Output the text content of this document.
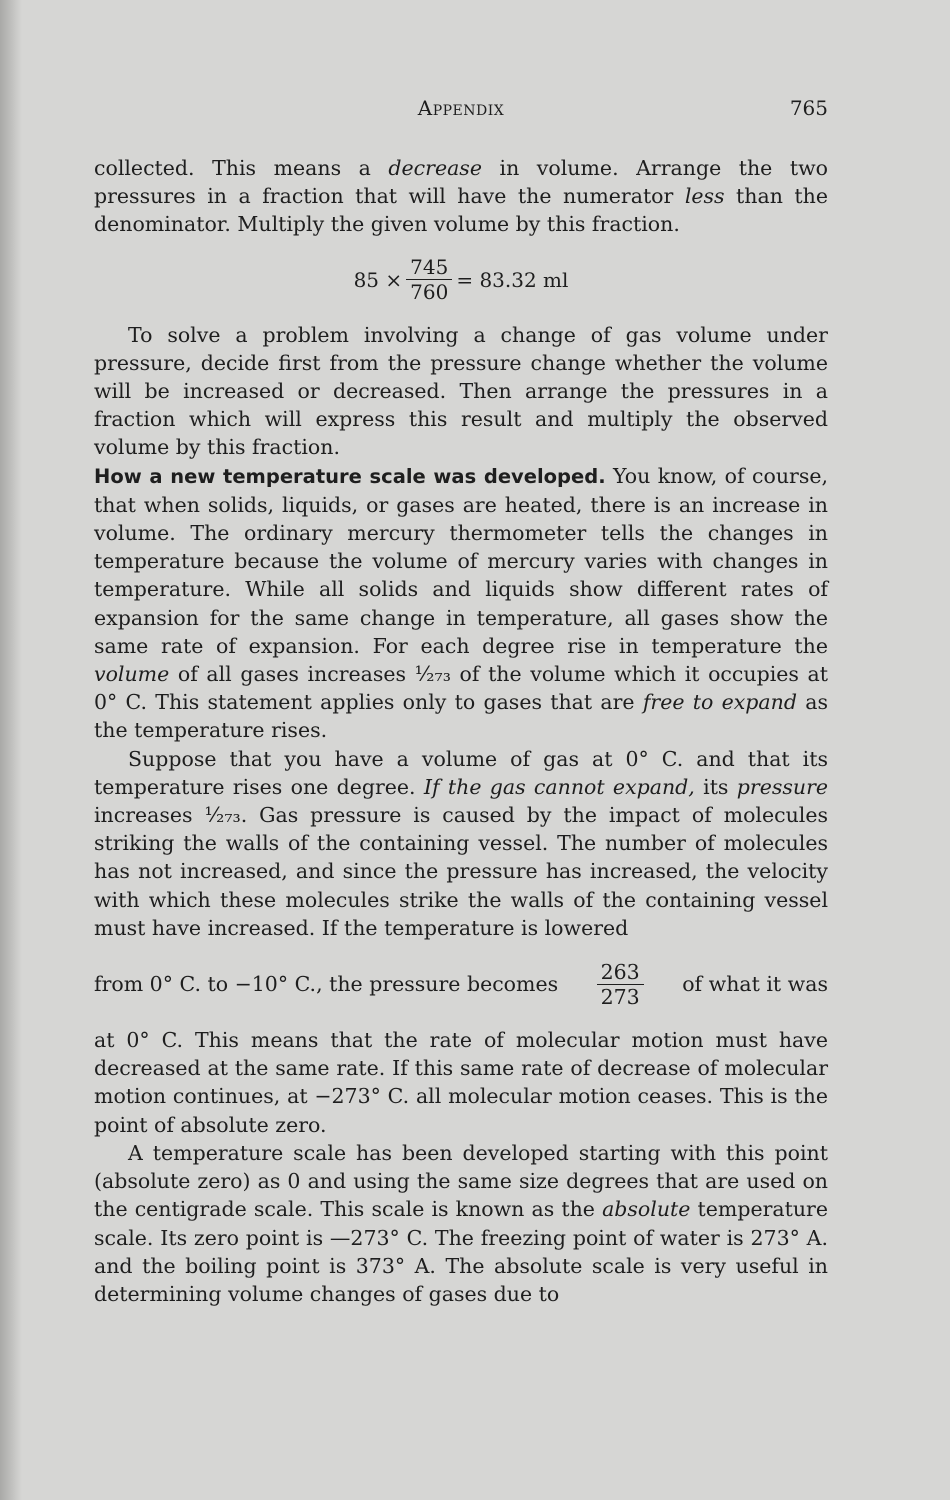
Appendix	765

collected. This means a decrease in volume. Arrange the two pressures in a fraction that will have the numerator less than the denominator. Multiply the given volume by this fraction.

$85 \times \frac{745}{760} = 83.32$ ml

To solve a problem involving a change of gas volume under pressure, decide first from the pressure change whether the volume will be increased or decreased. Then arrange the pressures in a fraction which will express this result and multiply the observed volume by this fraction.

How a new temperature scale was developed. You know, of course, that when solids, liquids, or gases are heated, there is an increase in volume. The ordinary mercury thermometer tells the changes in temperature because the volume of mercury varies with changes in temperature. While all solids and liquids show different rates of expansion for the same change in temperature, all gases show the same rate of expansion. For each degree rise in temperature the volume of all gases increases ¹⁄₂₇₃ of the volume which it occupies at 0° C. This statement applies only to gases that are free to expand as the temperature rises.

Suppose that you have a volume of gas at 0° C. and that its temperature rises one degree. If the gas cannot expand, its pressure increases ¹⁄₂₇₃. Gas pressure is caused by the impact of molecules striking the walls of the containing vessel. The number of molecules has not increased, and since the pressure has increased, the velocity with which these molecules strike the walls of the containing vessel must have increased. If the temperature is lowered

from 0° C. to −10° C., the pressure becomes $\frac{263}{273}$ of what it was

at 0° C. This means that the rate of molecular motion must have decreased at the same rate. If this same rate of decrease of molecular motion continues, at −273° C. all molecular motion ceases. This is the point of absolute zero.

A temperature scale has been developed starting with this point (absolute zero) as 0 and using the same size degrees that are used on the centigrade scale. This scale is known as the absolute temperature scale. Its zero point is —273° C. The freezing point of water is 273° A. and the boiling point is 373° A. The absolute scale is very useful in determining volume changes of gases due to
